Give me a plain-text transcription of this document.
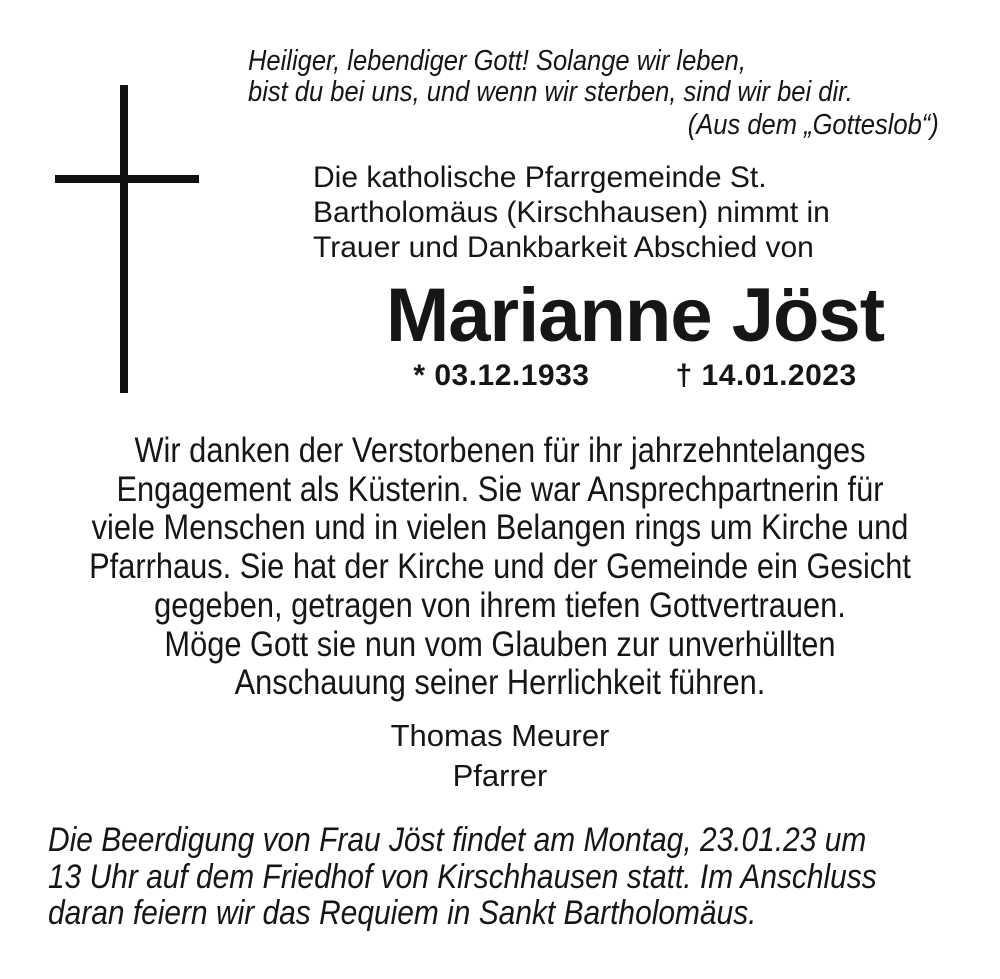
Heiliger, lebendiger Gott! Solange wir leben,
bist du bei uns, und wenn wir sterben, sind wir bei dir.
(Aus dem „Gotteslob“)
Die katholische Pfarrgemeinde St.
Bartholomäus (Kirschhausen) nimmt in
Trauer und Dankbarkeit Abschied von
Marianne Jöst
* 03.12.1933	† 14.01.2023
Wir danken der Verstorbenen für ihr jahrzehntelanges
Engagement als Küsterin. Sie war Ansprechpartnerin für
viele Menschen und in vielen Belangen rings um Kirche und
Pfarrhaus. Sie hat der Kirche und der Gemeinde ein Gesicht
gegeben, getragen von ihrem tiefen Gottvertrauen.
Möge Gott sie nun vom Glauben zur unverhüllten
Anschauung seiner Herrlichkeit führen.
Thomas Meurer
Pfarrer
Die Beerdigung von Frau Jöst findet am Montag, 23.01.23 um
13 Uhr auf dem Friedhof von Kirschhausen statt. Im Anschluss
daran feiern wir das Requiem in Sankt Bartholomäus.
